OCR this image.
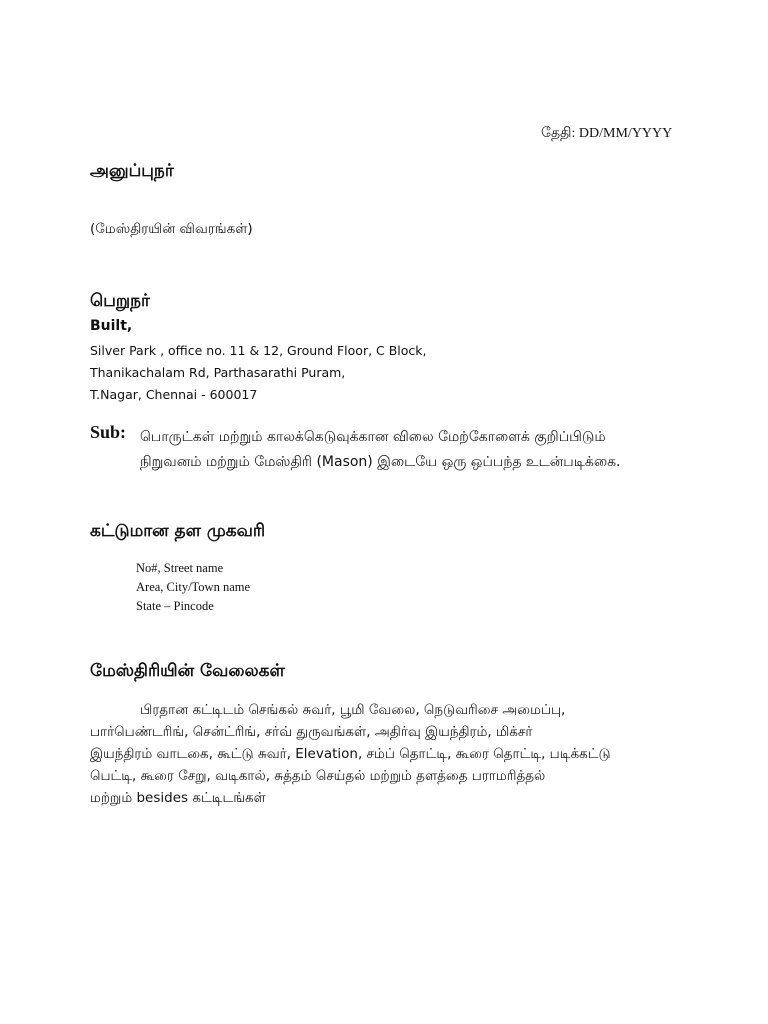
தேதி: DD/MM/YYYY
அனுப்புநர்
(மேஸ்திரயின் விவரங்கள்)
பெறுநர்
Built,
Silver Park , office no. 11 & 12, Ground Floor, C Block,
Thanikachalam Rd, Parthasarathi Puram,
T.Nagar, Chennai - 600017
Sub: பொருட்கள் மற்றும் காலக்கெடுவுக்கான விலை மேற்கோளைக் குறிப்பிடும்
நிறுவனம் மற்றும் மேஸ்திரி (Mason) இடையே ஒரு ஒப்பந்த உடன்படிக்கை.
கட்டுமான தள முகவரி
No#, Street name
Area, City/Town name
State – Pincode
மேஸ்திரியின் வேலைகள்
பிரதான கட்டிடம் செங்கல் சுவர், பூமி வேலை, நெடுவரிசை அமைப்பு,
பார்பெண்டரிங், சென்ட்ரிங், சர்வ் துருவங்கள், அதிர்வு இயந்திரம், மிக்சர்
இயந்திரம் வாடகை, கூட்டு சுவர், Elevation, சம்ப் தொட்டி, கூரை தொட்டி, படிக்கட்டு
பெட்டி, கூரை சேறு, வடிகால், சுத்தம் செய்தல் மற்றும் தளத்தை பராமரித்தல்
மற்றும் besides கட்டிடங்கள்
